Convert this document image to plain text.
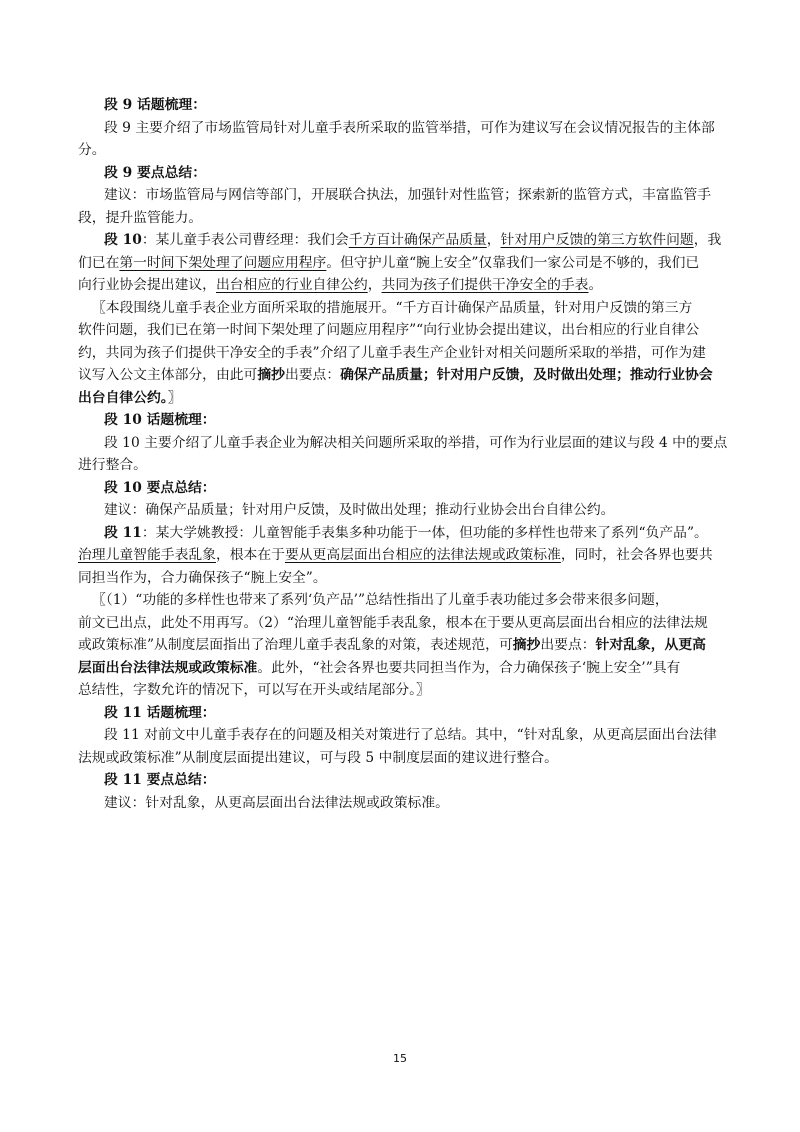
段 9 话题梳理：
段 9 主要介绍了市场监管局针对儿童手表所采取的监管举措，可作为建议写在会议情况报告的主体部
分。
段 9 要点总结：
建议：市场监管局与网信等部门，开展联合执法，加强针对性监管；探索新的监管方式，丰富监管手
段，提升监管能力。
段 10：某儿童手表公司曹经理：我们会千方百计确保产品质量，针对用户反馈的第三方软件问题，我
们已在第一时间下架处理了问题应用程序。但守护儿童“腕上安全”仅靠我们一家公司是不够的，我们已
向行业协会提出建议，出台相应的行业自律公约，共同为孩子们提供干净安全的手表。
〖本段围绕儿童手表企业方面所采取的措施展开。“千方百计确保产品质量，针对用户反馈的第三方
软件问题，我们已在第一时间下架处理了问题应用程序”“向行业协会提出建议，出台相应的行业自律公
约，共同为孩子们提供干净安全的手表”介绍了儿童手表生产企业针对相关问题所采取的举措，可作为建
议写入公文主体部分，由此可摘抄出要点：确保产品质量；针对用户反馈，及时做出处理；推动行业协会
出台自律公约。〗
段 10 话题梳理：
段 10 主要介绍了儿童手表企业为解决相关问题所采取的举措，可作为行业层面的建议与段 4 中的要点
进行整合。
段 10 要点总结：
建议：确保产品质量；针对用户反馈，及时做出处理；推动行业协会出台自律公约。
段 11：某大学姚教授：儿童智能手表集多种功能于一体，但功能的多样性也带来了系列“负产品”。
治理儿童智能手表乱象，根本在于要从更高层面出台相应的法律法规或政策标准，同时，社会各界也要共
同担当作为，合力确保孩子“腕上安全”。
〖（1）“功能的多样性也带来了系列‘负产品’”总结性指出了儿童手表功能过多会带来很多问题，
前文已出点，此处不用再写。（2）“治理儿童智能手表乱象，根本在于要从更高层面出台相应的法律法规
或政策标准”从制度层面指出了治理儿童手表乱象的对策，表述规范，可摘抄出要点：针对乱象，从更高
层面出台法律法规或政策标准。此外，“社会各界也要共同担当作为，合力确保孩子‘腕上安全’”具有
总结性，字数允许的情况下，可以写在开头或结尾部分。〗
段 11 话题梳理：
段 11 对前文中儿童手表存在的问题及相关对策进行了总结。其中，“针对乱象，从更高层面出台法律
法规或政策标准”从制度层面提出建议，可与段 5 中制度层面的建议进行整合。
段 11 要点总结：
建议：针对乱象，从更高层面出台法律法规或政策标准。
15
